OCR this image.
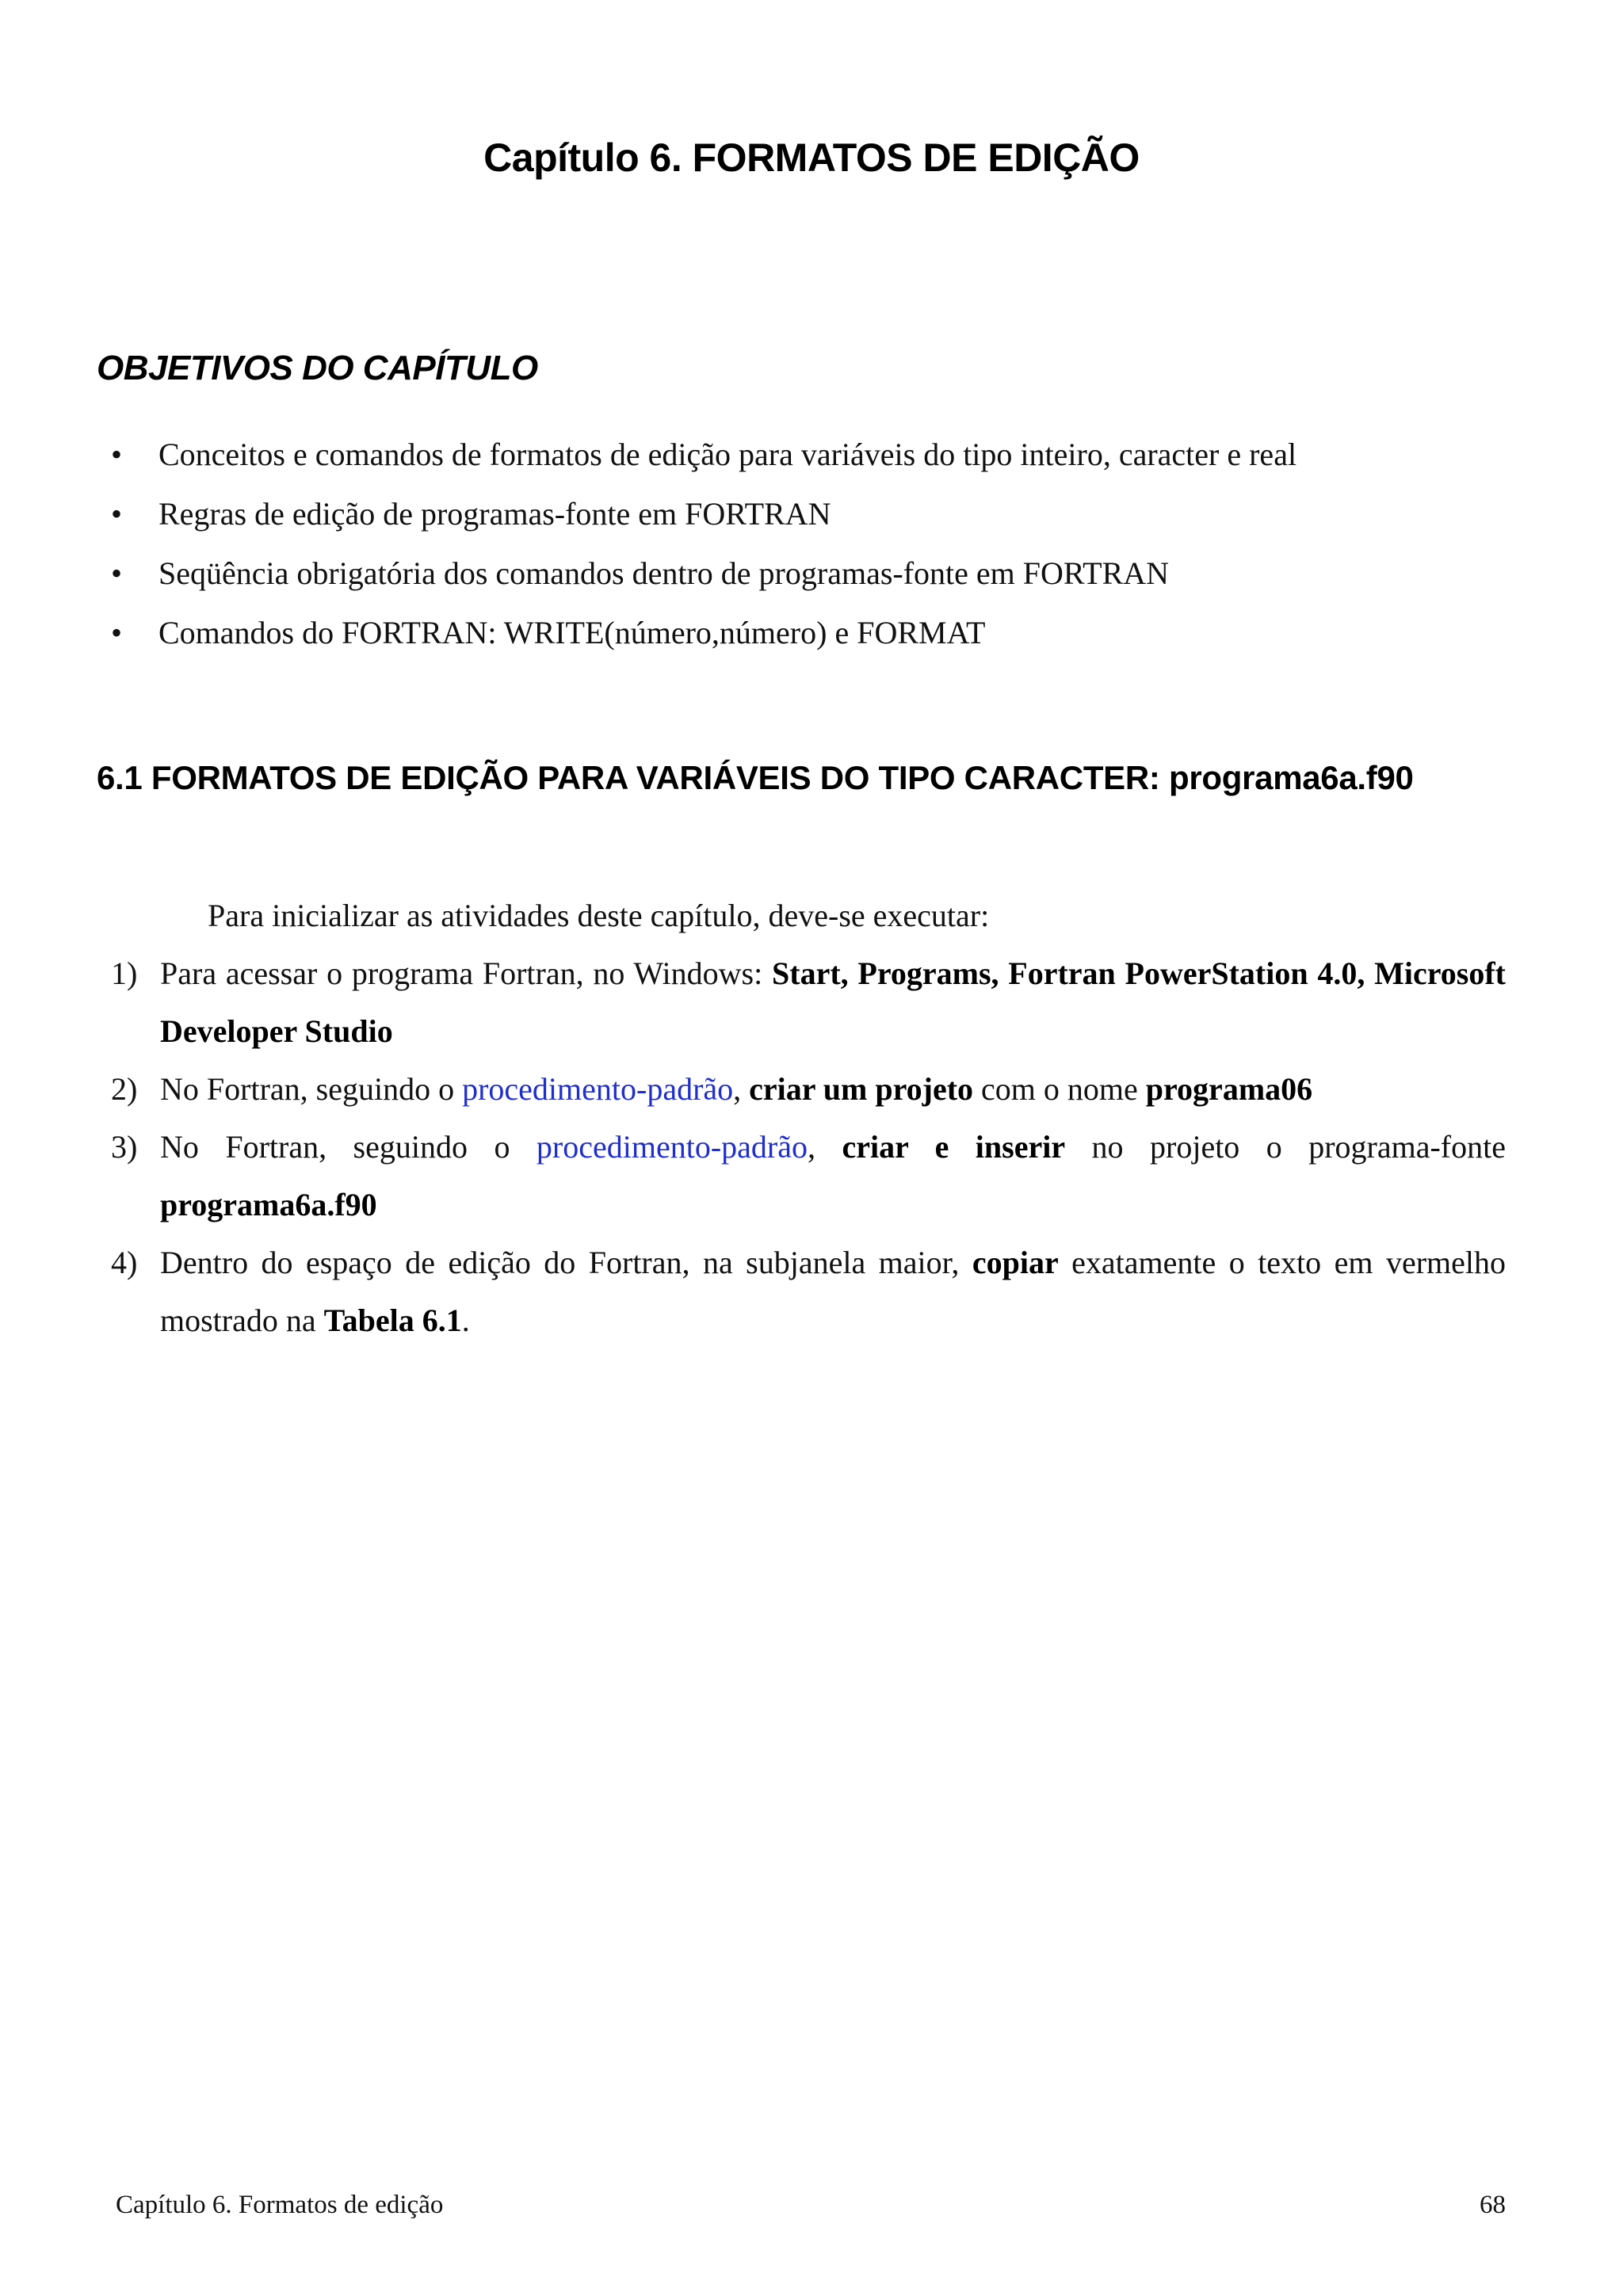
Capítulo 6. FORMATOS DE EDIÇÃO
OBJETIVOS DO CAPÍTULO
• Conceitos e comandos de formatos de edição para variáveis do tipo inteiro, caracter e real
• Regras de edição de programas-fonte em FORTRAN
• Seqüência obrigatória dos comandos dentro de programas-fonte em FORTRAN
• Comandos do FORTRAN: WRITE(número,número) e FORMAT
6.1 FORMATOS DE EDIÇÃO PARA VARIÁVEIS DO TIPO CARACTER: programa6a.f90
Para inicializar as atividades deste capítulo, deve-se executar:
1) Para acessar o programa Fortran, no Windows: Start, Programs, Fortran PowerStation 4.0, Microsoft Developer Studio
2) No Fortran, seguindo o procedimento-padrão, criar um projeto com o nome programa06
3) No Fortran, seguindo o procedimento-padrão, criar e inserir no projeto o programa-fonte programa6a.f90
4) Dentro do espaço de edição do Fortran, na subjanela maior, copiar exatamente o texto em vermelho mostrado na Tabela 6.1.
Capítulo 6. Formatos de edição	68
